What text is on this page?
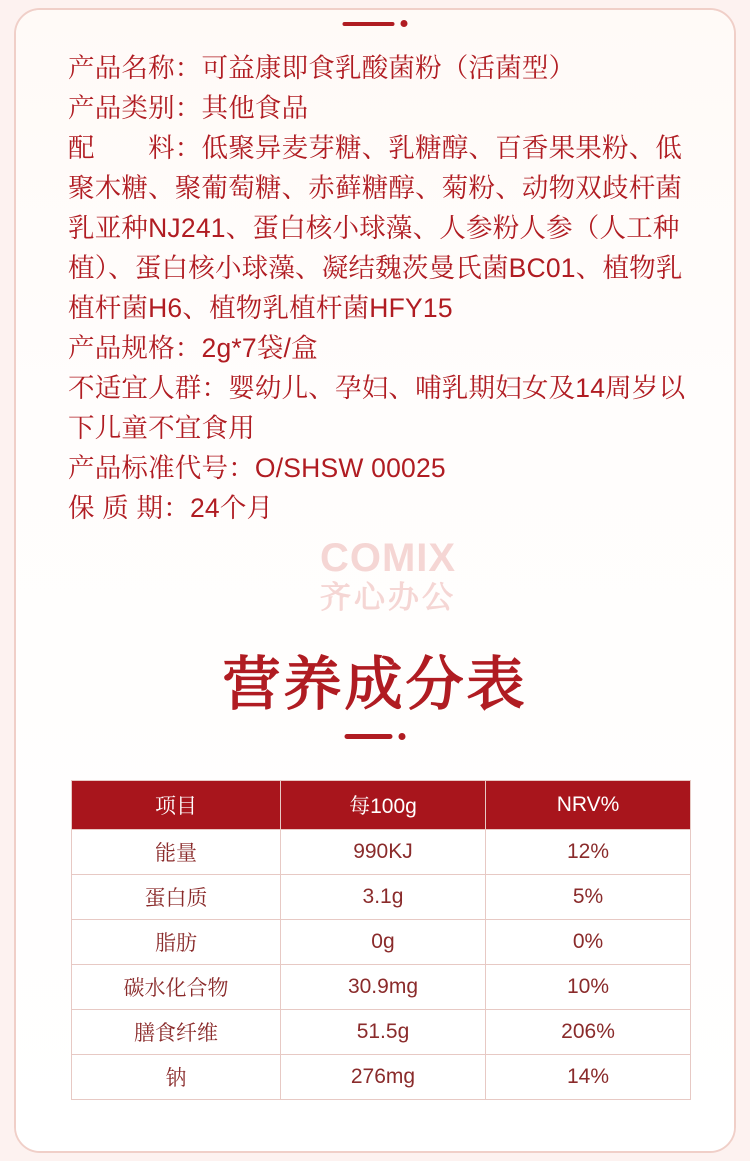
产品名称：可益康即食乳酸菌粉（活菌型）
产品类别：其他食品
配　　料：低聚异麦芽糖、乳糖醇、百香果果粉、低聚木糖、聚葡萄糖、赤藓糖醇、菊粉、动物双歧杆菌乳亚种NJ241、蛋白核小球藻、人参粉人参（人工种植）、蛋白核小球藻、凝结魏茨曼氏菌BC01、植物乳植杆菌H6、植物乳植杆菌HFY15
产品规格：2g*7袋/盒
不适宜人群：婴幼儿、孕妇、哺乳期妇女及14周岁以下儿童不宜食用
产品标准代号：O/SHSW 00025
保 质 期：24个月
COMIX
齐心办公
营养成分表
项目	每100g	NRV%
能量	990KJ	12%
蛋白质	3.1g	5%
脂肪	0g	0%
碳水化合物	30.9mg	10%
膳食纤维	51.5g	206%
钠	276mg	14%
